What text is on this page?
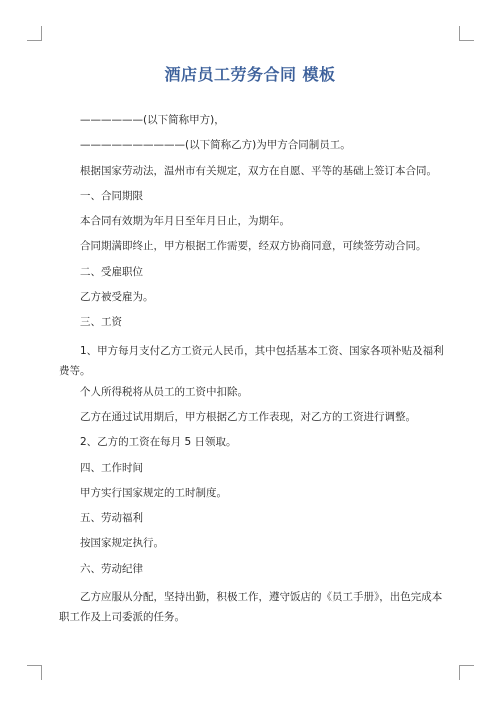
酒店员工劳务合同 模板

——————(以下简称甲方)，

——————————(以下简称乙方)为甲方合同制员工。

根据国家劳动法，温州市有关规定，双方在自愿、平等的基础上签订本合同。

一、合同期限

本合同有效期为年月日至年月日止，为期年。

合同期满即终止，甲方根据工作需要，经双方协商同意，可续签劳动合同。

二、受雇职位

乙方被受雇为。

三、工资

1、甲方每月支付乙方工资元人民币，其中包括基本工资、国家各项补贴及福利费等。

个人所得税将从员工的工资中扣除。

乙方在通过试用期后，甲方根据乙方工作表现，对乙方的工资进行调整。

2、乙方的工资在每月 5 日领取。

四、工作时间

甲方实行国家规定的工时制度。

五、劳动福利

按国家规定执行。

六、劳动纪律

乙方应服从分配，坚持出勤，积极工作，遵守饭店的《员工手册》，出色完成本职工作及上司委派的任务。
